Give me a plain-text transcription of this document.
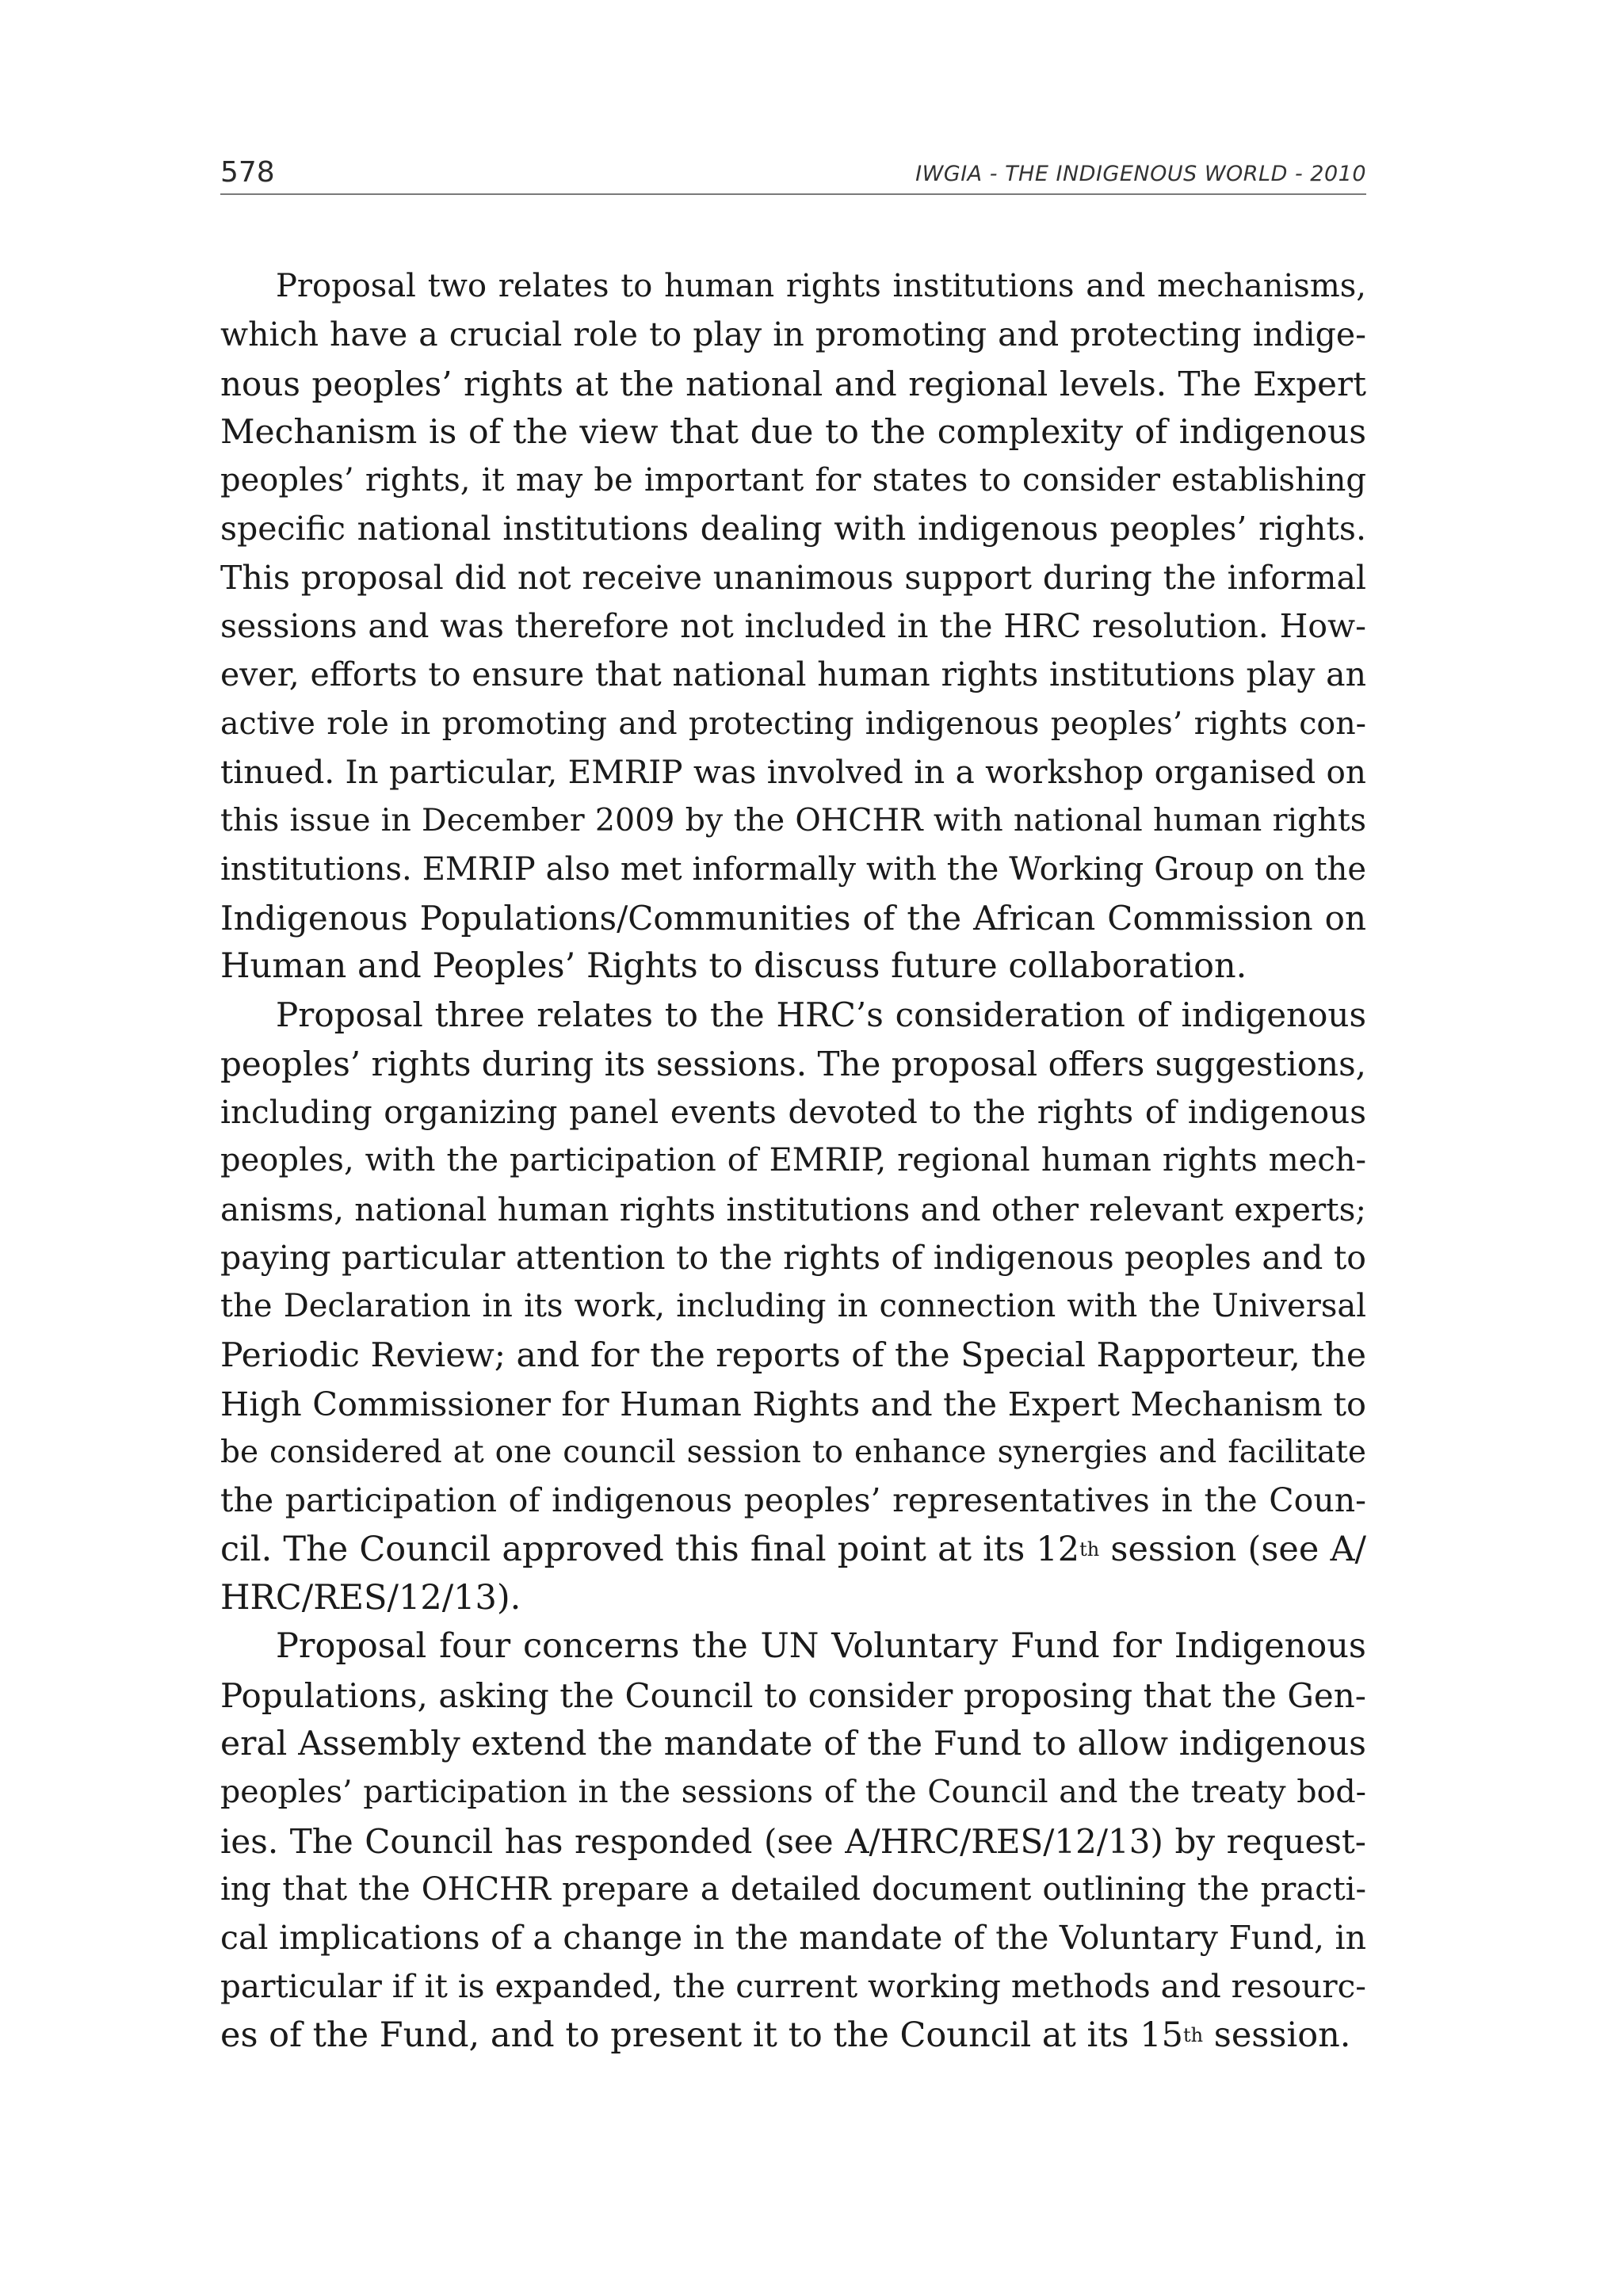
578	IWGIA - THE INDIGENOUS WORLD - 2010
Proposal two relates to human rights institutions and mechanisms,
which have a crucial role to play in promoting and protecting indige-
nous peoples’ rights at the national and regional levels. The Expert
Mechanism is of the view that due to the complexity of indigenous
peoples’ rights, it may be important for states to consider establishing
specific national institutions dealing with indigenous peoples’ rights.
This proposal did not receive unanimous support during the informal
sessions and was therefore not included in the HRC resolution. How-
ever, efforts to ensure that national human rights institutions play an
active role in promoting and protecting indigenous peoples’ rights con-
tinued. In particular, EMRIP was involved in a workshop organised on
this issue in December 2009 by the OHCHR with national human rights
institutions. EMRIP also met informally with the Working Group on the
Indigenous Populations/Communities of the African Commission on
Human and Peoples’ Rights to discuss future collaboration.
Proposal three relates to the HRC’s consideration of indigenous
peoples’ rights during its sessions. The proposal offers suggestions,
including organizing panel events devoted to the rights of indigenous
peoples, with the participation of EMRIP, regional human rights mech-
anisms, national human rights institutions and other relevant experts;
paying particular attention to the rights of indigenous peoples and to
the Declaration in its work, including in connection with the Universal
Periodic Review; and for the reports of the Special Rapporteur, the
High Commissioner for Human Rights and the Expert Mechanism to
be considered at one council session to enhance synergies and facilitate
the participation of indigenous peoples’ representatives in the Coun-
cil. The Council approved this final point at its 12th session (see A/
HRC/RES/12/13).
Proposal four concerns the UN Voluntary Fund for Indigenous
Populations, asking the Council to consider proposing that the Gen-
eral Assembly extend the mandate of the Fund to allow indigenous
peoples’ participation in the sessions of the Council and the treaty bod-
ies. The Council has responded (see A/HRC/RES/12/13) by request-
ing that the OHCHR prepare a detailed document outlining the practi-
cal implications of a change in the mandate of the Voluntary Fund, in
particular if it is expanded, the current working methods and resourc-
es of the Fund, and to present it to the Council at its 15th session.
